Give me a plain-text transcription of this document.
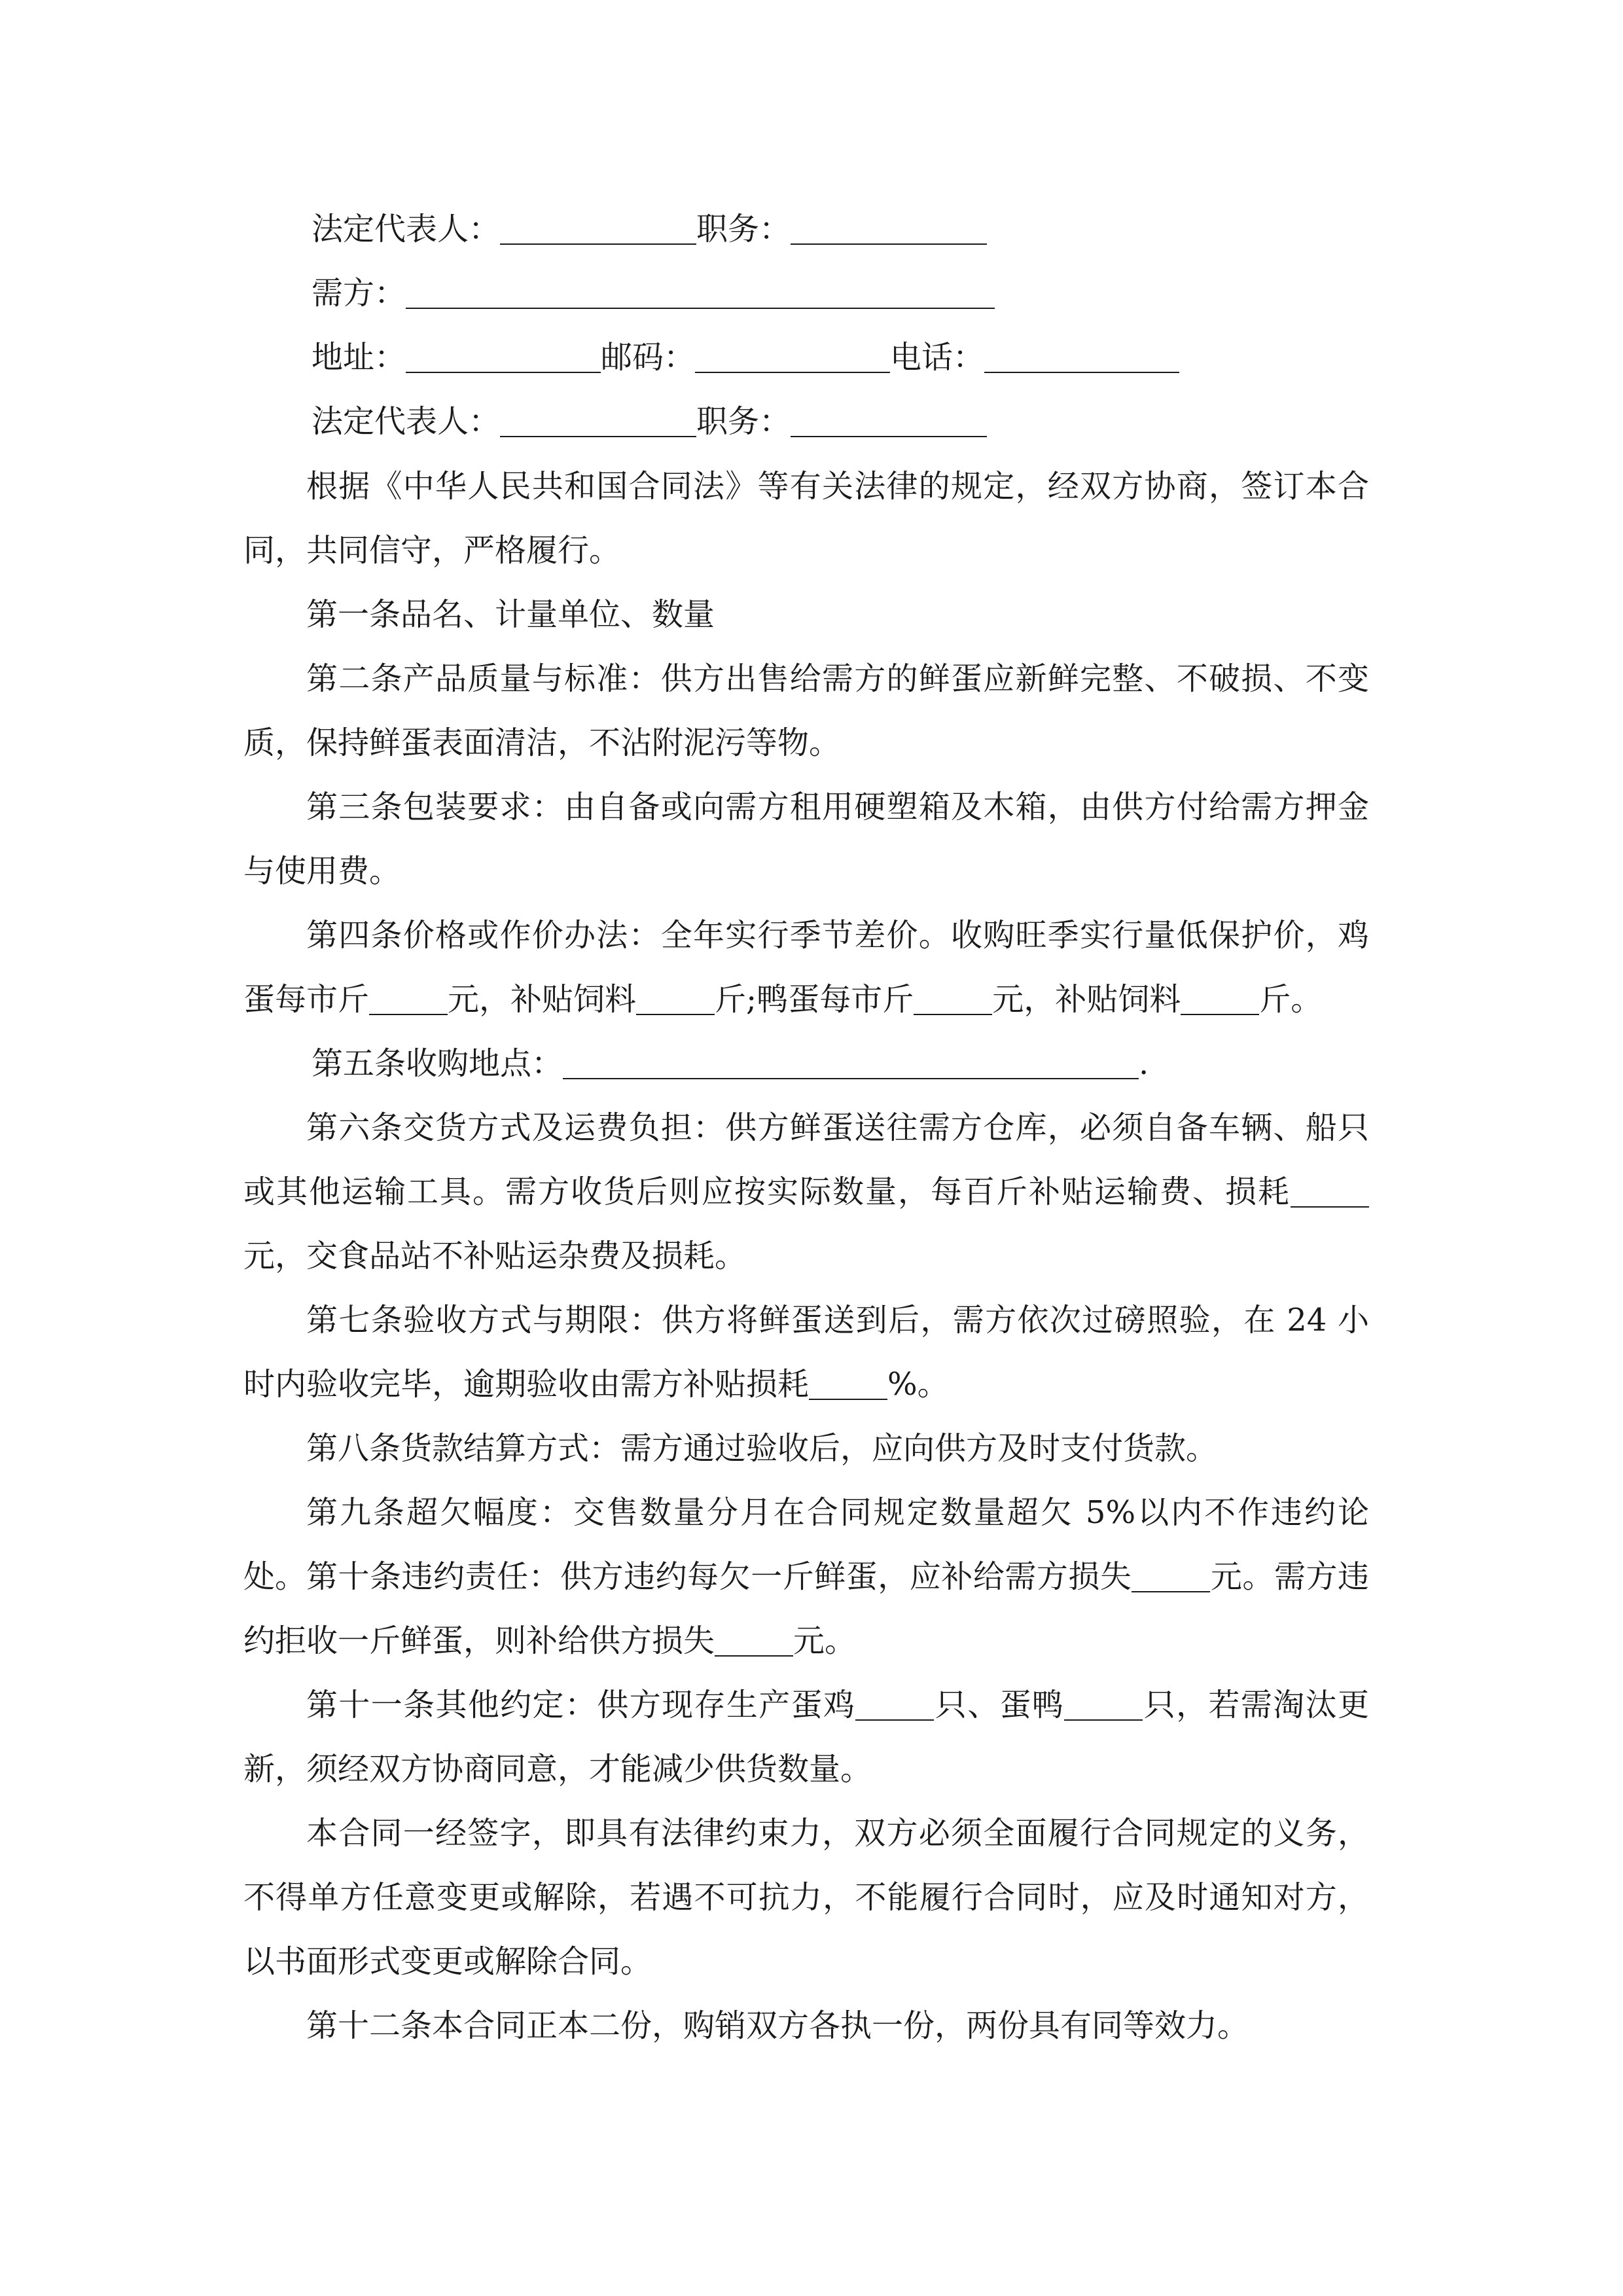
法定代表人：	职务：
需方：
地址：	邮码：	电话：
法定代表人：	职务：
根据《中华人民共和国合同法》等有关法律的规定，经双方协商，签订本合同，共同信守，严格履行。
第一条品名、计量单位、数量
第二条产品质量与标准：供方出售给需方的鲜蛋应新鲜完整、不破损、不变质，保持鲜蛋表面清洁，不沾附泥污等物。
第三条包装要求：由自备或向需方租用硬塑箱及木箱，由供方付给需方押金与使用费。
第四条价格或作价办法：全年实行季节差价。收购旺季实行量低保护价，鸡蛋每市斤	元，补贴饲料	斤;鸭蛋每市斤	元，补贴饲料	斤。
第五条收购地点：	.
第六条交货方式及运费负担：供方鲜蛋送往需方仓库，必须自备车辆、船只或其他运输工具。需方收货后则应按实际数量，每百斤补贴运输费、损耗元，交食品站不补贴运杂费及损耗。
第七条验收方式与期限：供方将鲜蛋送到后，需方依次过磅照验，在 24 小时内验收完毕，逾期验收由需方补贴损耗	%。
第八条货款结算方式：需方通过验收后，应向供方及时支付货款。
第九条超欠幅度：交售数量分月在合同规定数量超欠 5%以内不作违约论处。 第十条违约责任：供方违约每欠一斤鲜蛋，应补给需方损失	元。需方违约拒收一斤鲜蛋，则补给供方损失	元。
第十一条其他约定：供方现存生产蛋鸡	只、蛋鸭	只，若需淘汰更新，须经双方协商同意，才能减少供货数量。
本合同一经签字，即具有法律约束力，双方必须全面履行合同规定的义务，不得单方任意变更或解除，若遇不可抗力，不能履行合同时，应及时通知对方，以书面形式变更或解除合同。
第十二条本合同正本二份，购销双方各执一份，两份具有同等效力。
